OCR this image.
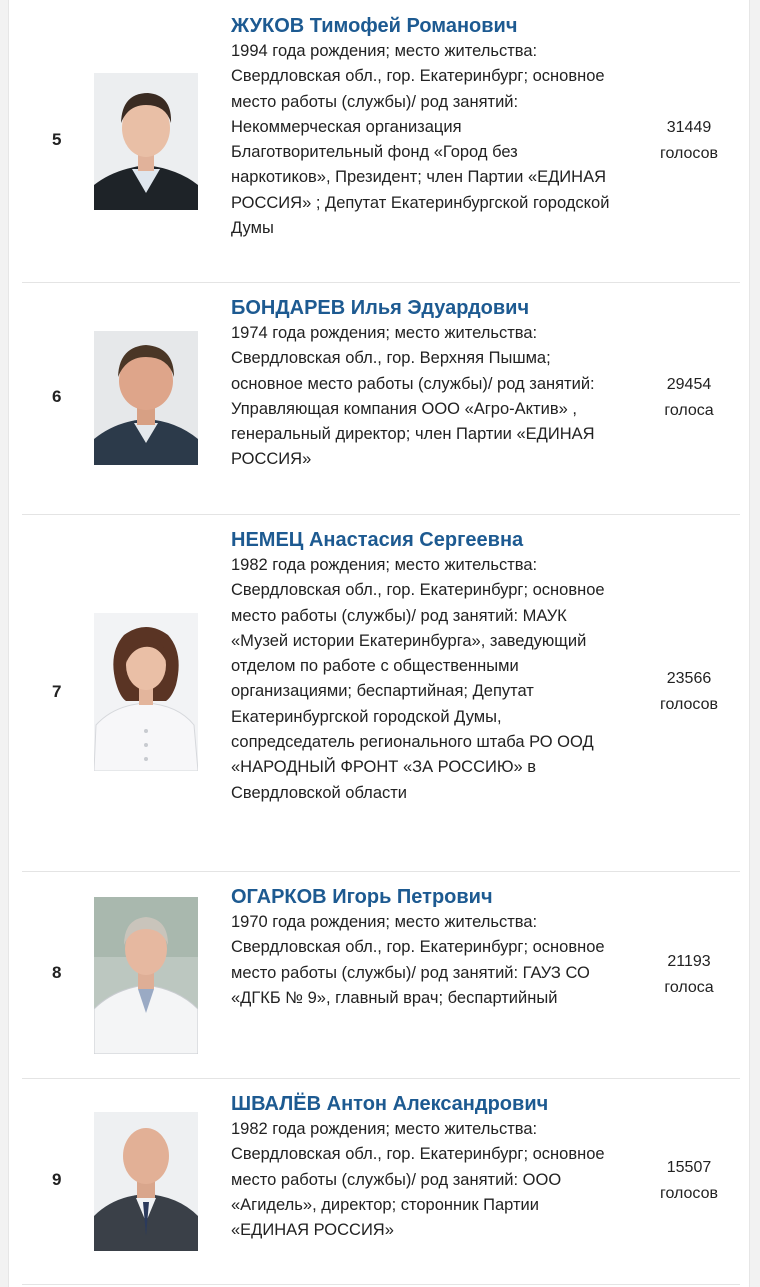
5
ЖУКОВ Тимофей Романович
1994 года рождения; место жительства: Свердловская обл., гор. Екатеринбург; основное место работы (службы)/ род занятий: Некоммерческая организация Благотворительный фонд «Город без наркотиков», Президент; член Партии «ЕДИНАЯ РОССИЯ» ; Депутат Екатеринбургской городской Думы
31449
голосов
6
БОНДАРЕВ Илья Эдуардович
1974 года рождения; место жительства: Свердловская обл., гор. Верхняя Пышма; основное место работы (службы)/ род занятий: Управляющая компания ООО «Агро-Актив» , генеральный директор; член Партии «ЕДИНАЯ РОССИЯ»
29454
голоса
7
НЕМЕЦ Анастасия Сергеевна
1982 года рождения; место жительства: Свердловская обл., гор. Екатеринбург; основное место работы (службы)/ род занятий: МАУК «Музей истории Екатеринбурга», заведующий отделом по работе с общественными организациями; беспартийная; Депутат Екатеринбургской городской Думы, сопредседатель регионального штаба РО ООД «НАРОДНЫЙ ФРОНТ «ЗА РОССИЮ» в Свердловской области
23566
голосов
8
ОГАРКОВ Игорь Петрович
1970 года рождения; место жительства: Свердловская обл., гор. Екатеринбург; основное место работы (службы)/ род занятий: ГАУЗ СО «ДГКБ № 9», главный врач; беспартийный
21193
голоса
9
ШВАЛЁВ Антон Александрович
1982 года рождения; место жительства: Свердловская обл., гор. Екатеринбург; основное место работы (службы)/ род занятий: ООО «Агидель», директор; сторонник Партии «ЕДИНАЯ РОССИЯ»
15507
голосов
